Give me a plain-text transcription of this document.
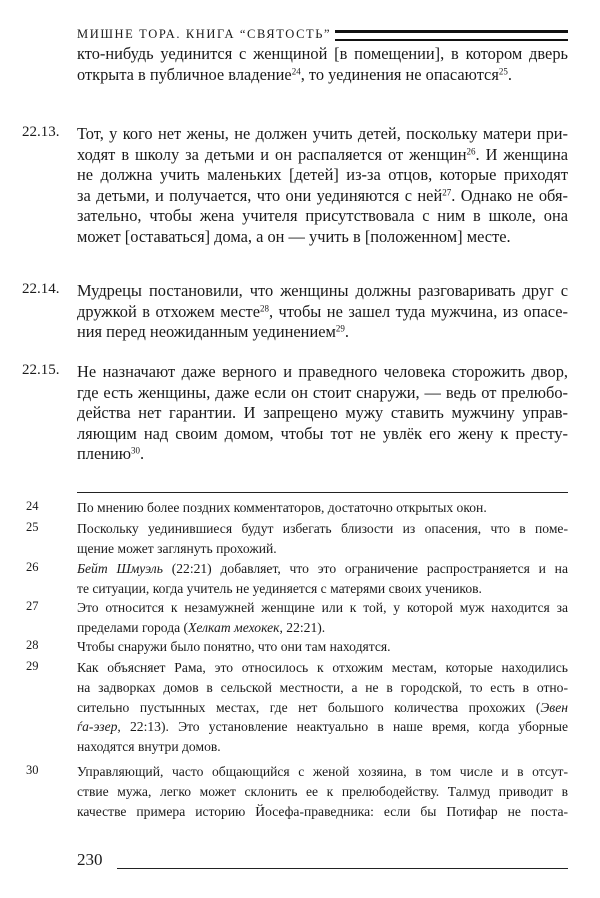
МИШНЕ ТОРА. КНИГА “СВЯТОСТЬ”
кто-нибудь уединится с женщиной [в помещении], в котором дверь
открыта в публичное владение$^{24}$, то уединения не опасаются$^{25}$.
22.13. Тот, у кого нет жены, не должен учить детей, поскольку матери при-
ходят в школу за детьми и он распаляется от женщин$^{26}$. И женщина
не должна учить маленьких [детей] из-за отцов, которые приходят
за детьми, и получается, что они уединяются с ней$^{27}$. Однако не обя-
зательно, чтобы жена учителя присутствовала с ним в школе, она
может [оставаться] дома, а он — учить в [положенном] месте.
22.14. Мудрецы постановили, что женщины должны разговаривать друг с
дружкой в отхожем месте$^{28}$, чтобы не зашел туда мужчина, из опасе-
ния перед неожиданным уединением$^{29}$.
22.15. Не назначают даже верного и праведного человека сторожить двор,
где есть женщины, даже если он стоит снаружи, — ведь от прелюбо-
действа нет гарантии. И запрещено мужу ставить мужчину управ-
ляющим над своим домом, чтобы тот не увлёк его жену к престу-
плению$^{30}$.
24	По мнению более поздних комментаторов, достаточно открытых окон.
25	Поскольку уединившиеся будут избегать близости из опасения, что в поме-
щение может заглянуть прохожий.
26	Бейт Шмуэль (22:21) добавляет, что это ограничение распространяется и на
те ситуации, когда учитель не уединяется с матерями своих учеников.
27	Это относится к незамужней женщине или к той, у которой муж находится за
пределами города (Хелкат мехокек, 22:21).
28	Чтобы снаружи было понятно, что они там находятся.
29	Как объясняет Рама, это относилось к отхожим местам, которые находились
на задворках домов в сельской местности, а не в городской, то есть в отно-
сительно пустынных местах, где нет большого количества прохожих (Эвен
ѓа-эзер, 22:13). Это установление неактуально в наше время, когда уборные
находятся внутри домов.
30	Управляющий, часто общающийся с женой хозяина, в том числе и в отсут-
ствие мужа, легко может склонить ее к прелюбодейству. Талмуд приводит в
качестве примера историю Йосефа-праведника: если бы Потифар не поста-
230
